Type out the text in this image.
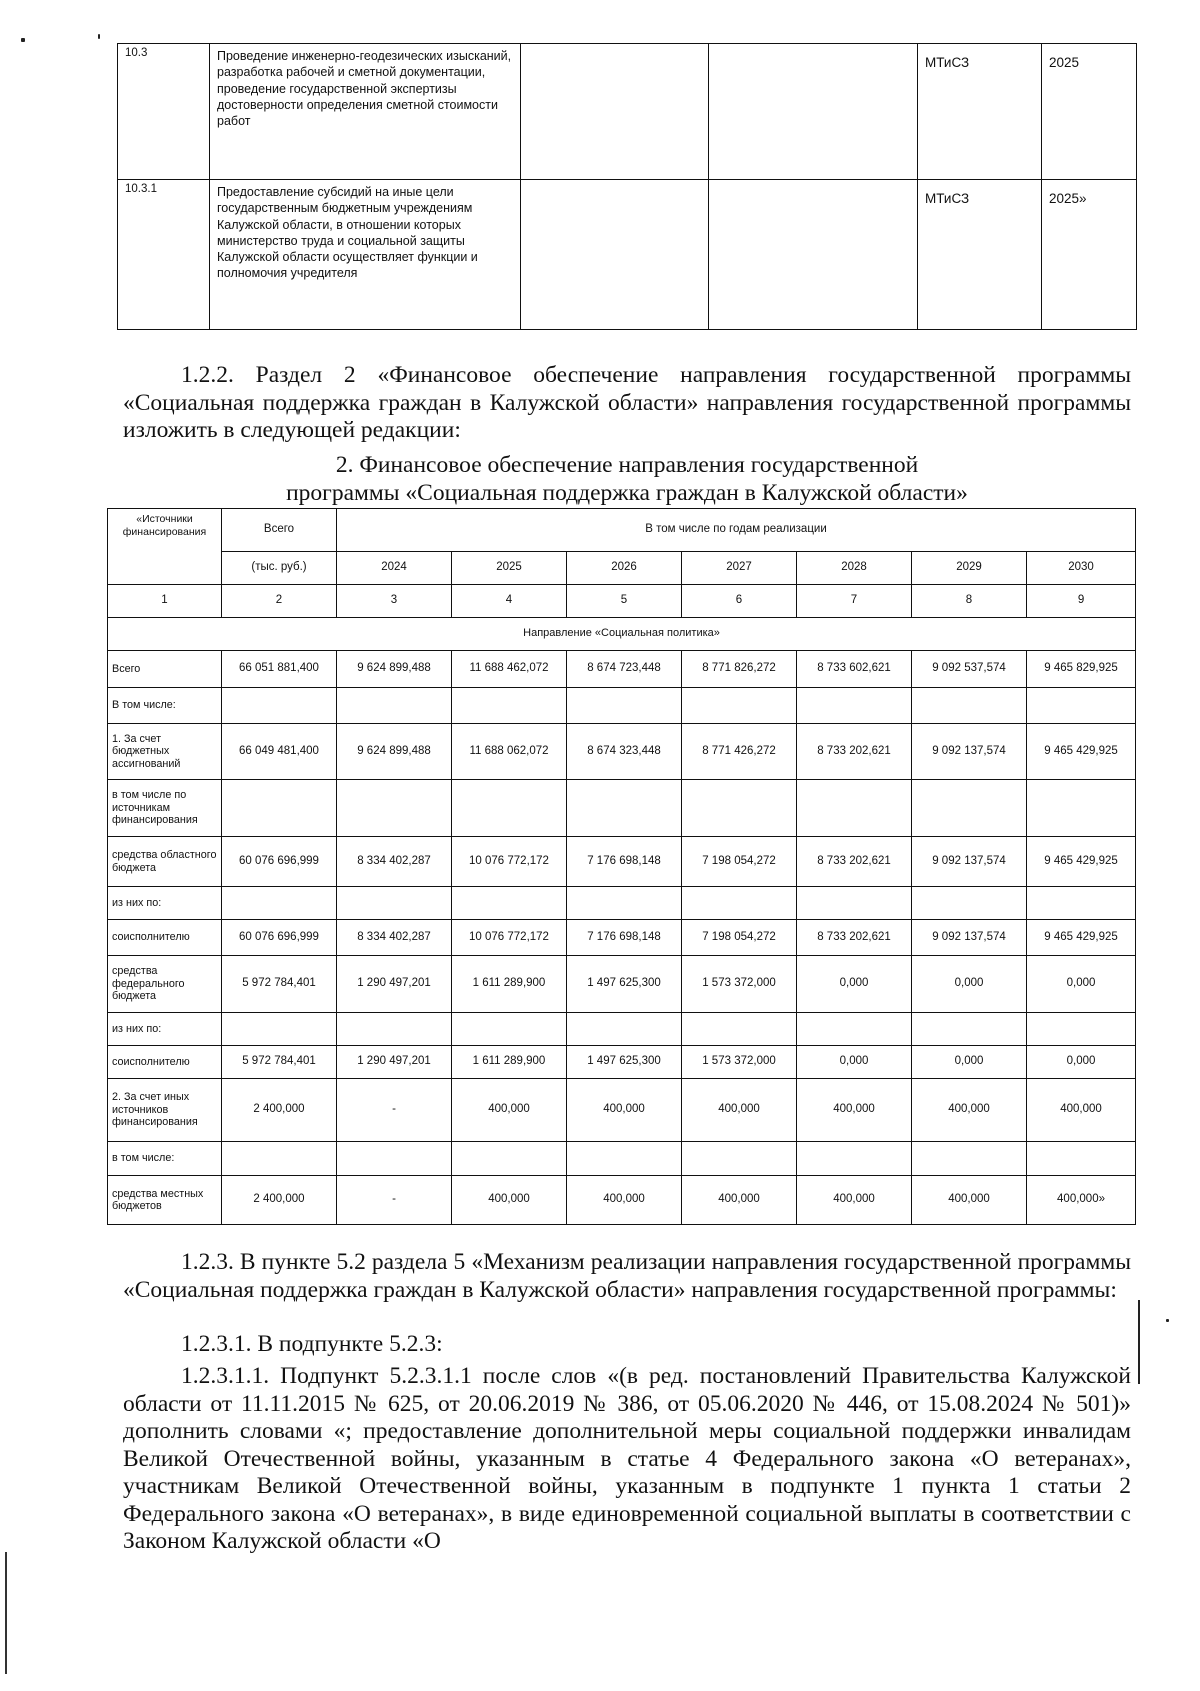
10.3	Проведение инженерно-геодезических изысканий, разработка рабочей и сметной документации, проведение государственной экспертизы достоверности определения сметной стоимости работ			МТиСЗ	2025
10.3.1	Предоставление субсидий на иные цели государственным бюджетным учреждениям Калужской области, в отношении которых министерство труда и социальной защиты Калужской области осуществляет функции и полномочия учредителя			МТиСЗ	2025»

1.2.2. Раздел 2 «Финансовое обеспечение направления государственной программы «Социальная поддержка граждан в Калужской области» направления государственной программы изложить в следующей редакции:

2. Финансовое обеспечение направления государственной

программы «Социальная поддержка граждан в Калужской области»

«Источники финансирования	Всего	В том числе по годам реализации						
	(тыс. руб.)	2024	2025	2026	2027	2028	2029	2030
1	2	3	4	5	6	7	8	9
Направление «Социальная политика»								
Всего	66 051 881,400	9 624 899,488	11 688 462,072	8 674 723,448	8 771 826,272	8 733 602,621	9 092 537,574	9 465 829,925
В том числе:								
1. За счет бюджетных ассигнований	66 049 481,400	9 624 899,488	11 688 062,072	8 674 323,448	8 771 426,272	8 733 202,621	9 092 137,574	9 465 429,925
в том числе по источникам финансирования								
средства областного бюджета	60 076 696,999	8 334 402,287	10 076 772,172	7 176 698,148	7 198 054,272	8 733 202,621	9 092 137,574	9 465 429,925
из них по:								
соисполнителю	60 076 696,999	8 334 402,287	10 076 772,172	7 176 698,148	7 198 054,272	8 733 202,621	9 092 137,574	9 465 429,925
средства федерального бюджета	5 972 784,401	1 290 497,201	1 611 289,900	1 497 625,300	1 573 372,000	0,000	0,000	0,000
из них по:								
соисполнителю	5 972 784,401	1 290 497,201	1 611 289,900	1 497 625,300	1 573 372,000	0,000	0,000	0,000
2. За счет иных источников финансирования	2 400,000	-	400,000	400,000	400,000	400,000	400,000	400,000
в том числе:								
средства местных бюджетов	2 400,000	-	400,000	400,000	400,000	400,000	400,000	400,000»

1.2.3. В пункте 5.2 раздела 5 «Механизм реализации направления государственной программы «Социальная поддержка граждан в Калужской области» направления государственной программы:

1.2.3.1. В подпункте 5.2.3:

1.2.3.1.1. Подпункт 5.2.3.1.1 после слов «(в ред. постановлений Правительства Калужской области от 11.11.2015 № 625, от 20.06.2019 № 386, от 05.06.2020 № 446, от 15.08.2024 № 501)» дополнить словами «; предоставление дополнительной меры социальной поддержки инвалидам Великой Отечественной войны, указанным в статье 4 Федерального закона «О ветеранах», участникам Великой Отечественной войны, указанным в подпункте 1 пункта 1 статьи 2 Федерального закона «О ветеранах», в виде единовременной социальной выплаты в соответствии с Законом Калужской области «О
